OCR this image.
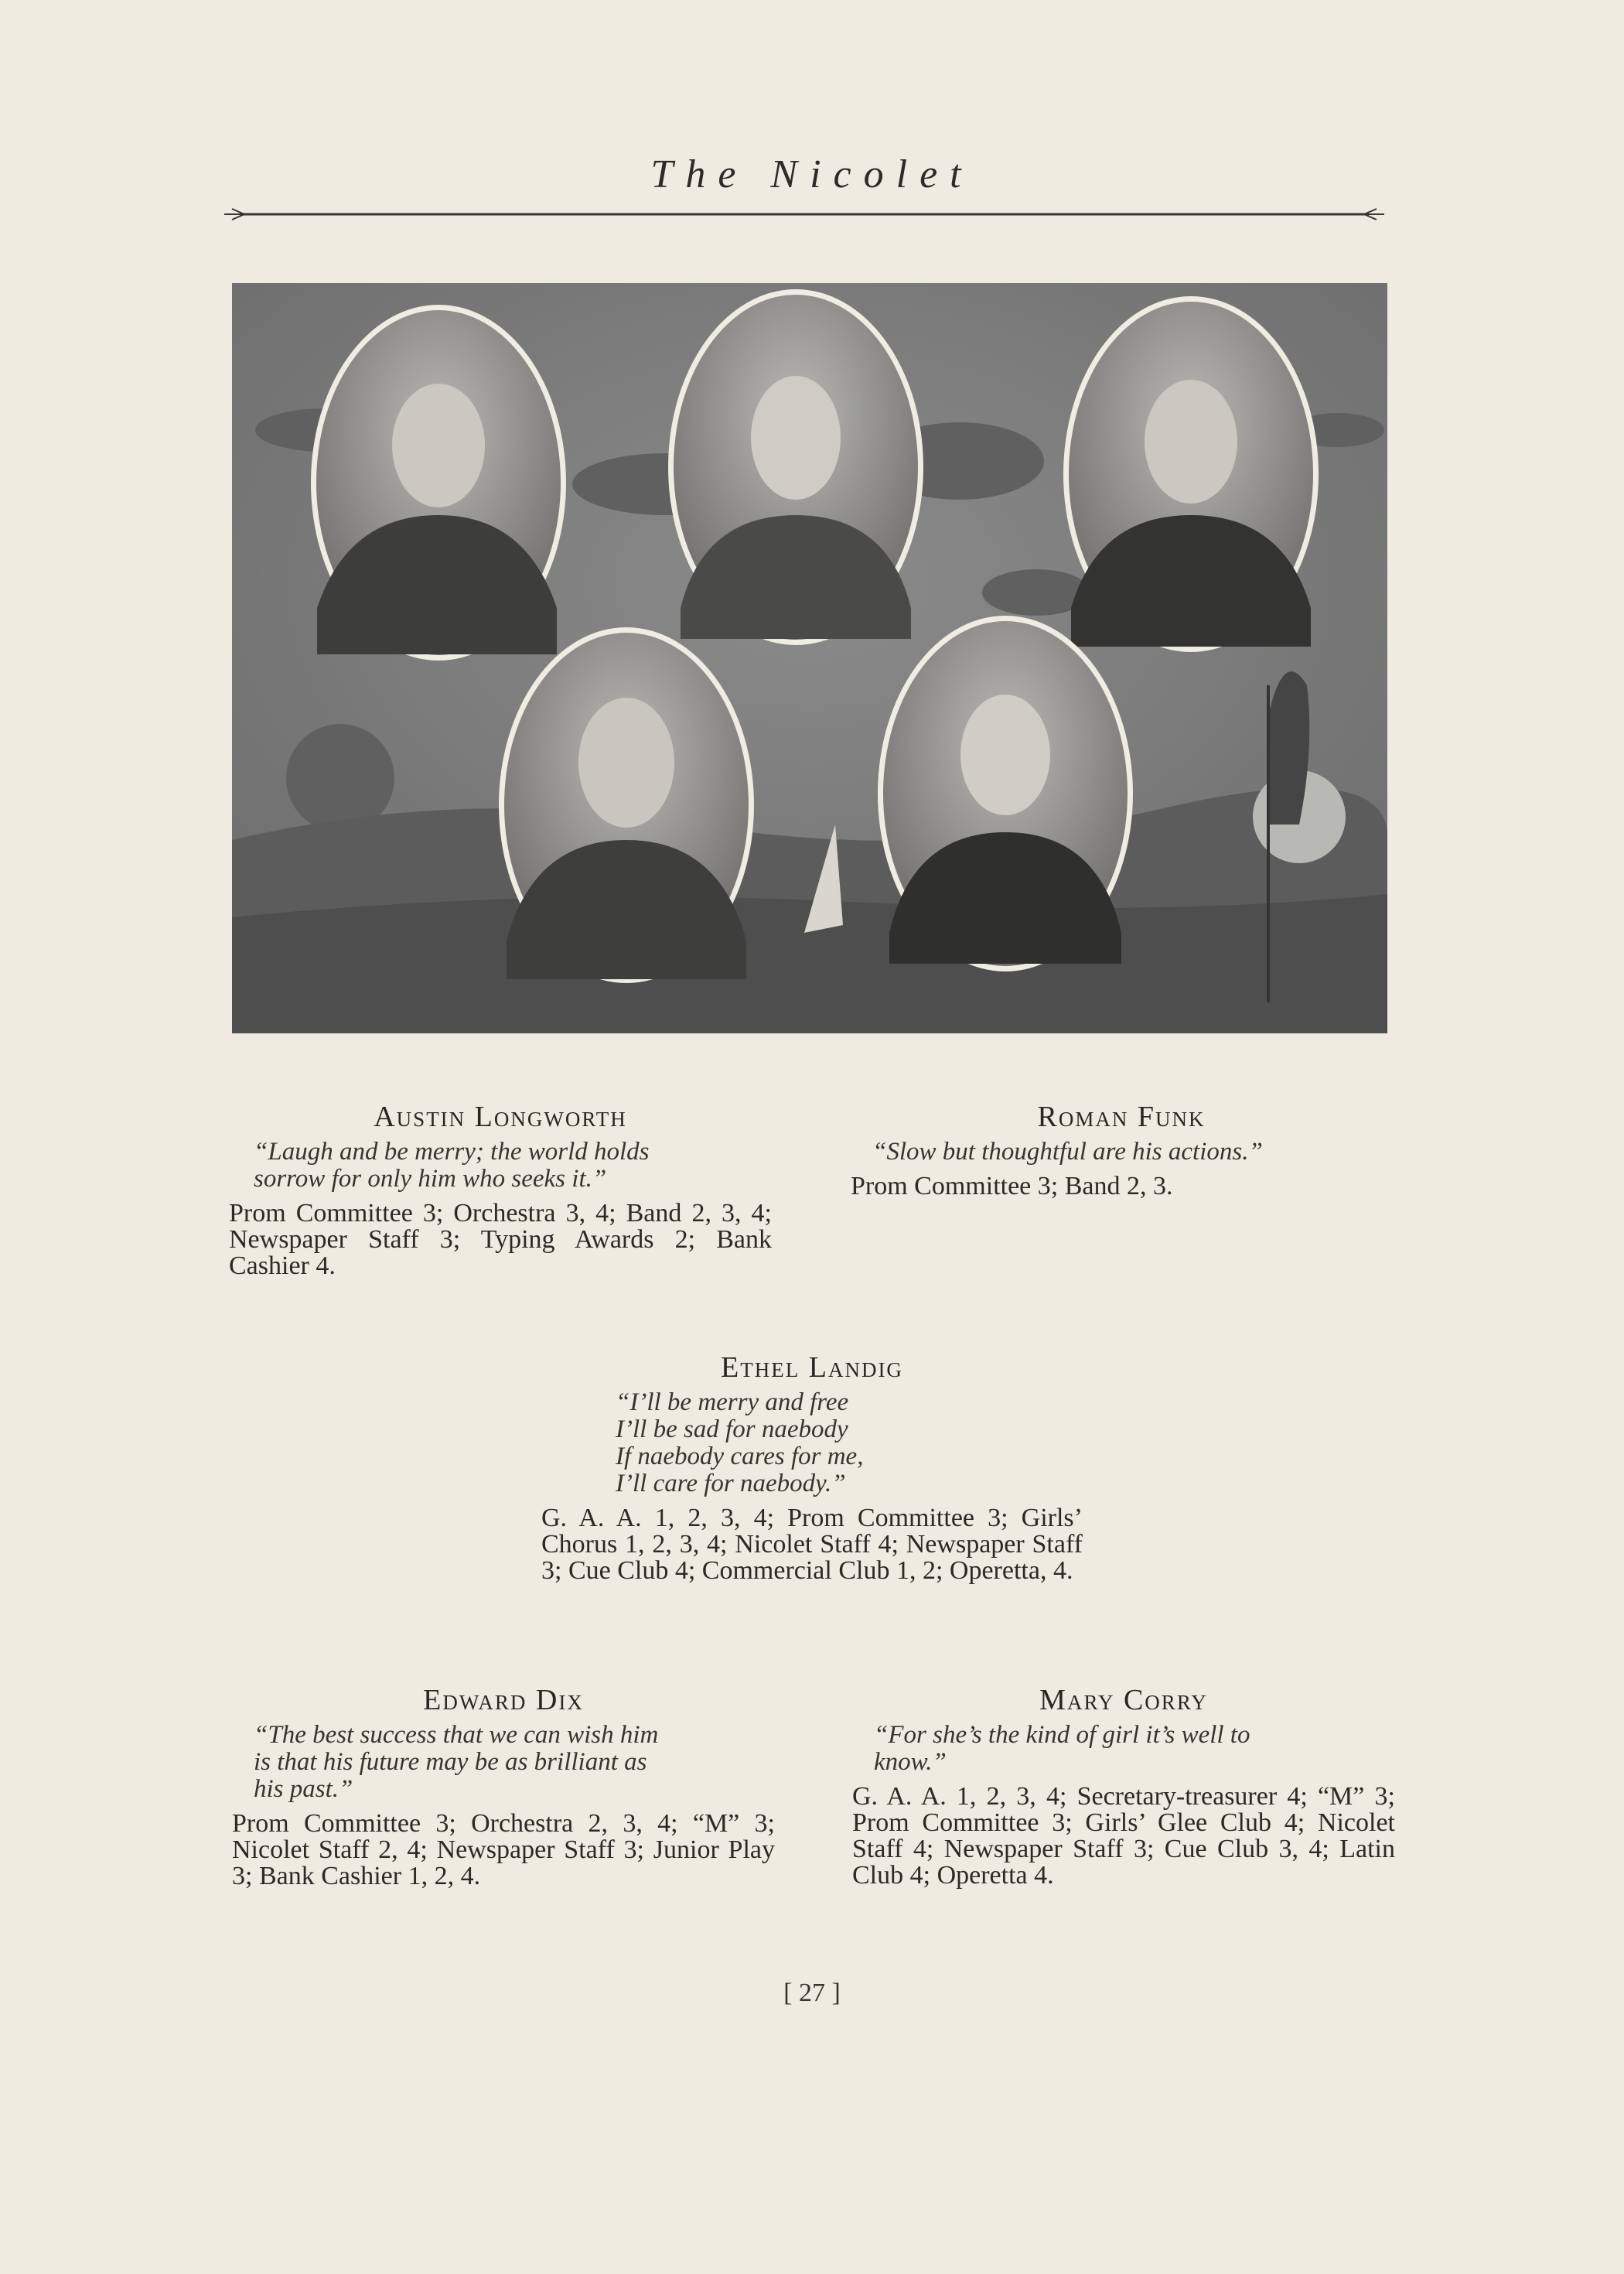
The Nicolet
Austin Longworth
“Laugh and be merry; the world holds
sorrow for only him who seeks it.”
Prom Committee 3; Orchestra 3, 4; Band 2, 3, 4; Newspaper Staff 3; Typing Awards 2; Bank Cashier 4.
Roman Funk
“Slow but thoughtful are his actions.”
Prom Committee 3; Band 2, 3.
Ethel Landig
“I’ll be merry and free
I’ll be sad for naebody
If naebody cares for me,
I’ll care for naebody.”
G. A. A. 1, 2, 3, 4; Prom Committee 3; Girls’ Chorus 1, 2, 3, 4; Nicolet Staff 4; Newspaper Staff 3; Cue Club 4; Commercial Club 1, 2; Operetta, 4.
Edward Dix
“The best success that we can wish him
is that his future may be as brilliant as
his past.”
Prom Committee 3; Orchestra 2, 3, 4; “M” 3; Nicolet Staff 2, 4; Newspaper Staff 3; Junior Play 3; Bank Cashier 1, 2, 4.
Mary Corry
“For she’s the kind of girl it’s well to
know.”
G. A. A. 1, 2, 3, 4; Secretary-treasurer 4; “M” 3; Prom Committee 3; Girls’ Glee Club 4; Nicolet Staff 4; Newspaper Staff 3; Cue Club 3, 4; Latin Club 4; Operetta 4.
[ 27 ]
